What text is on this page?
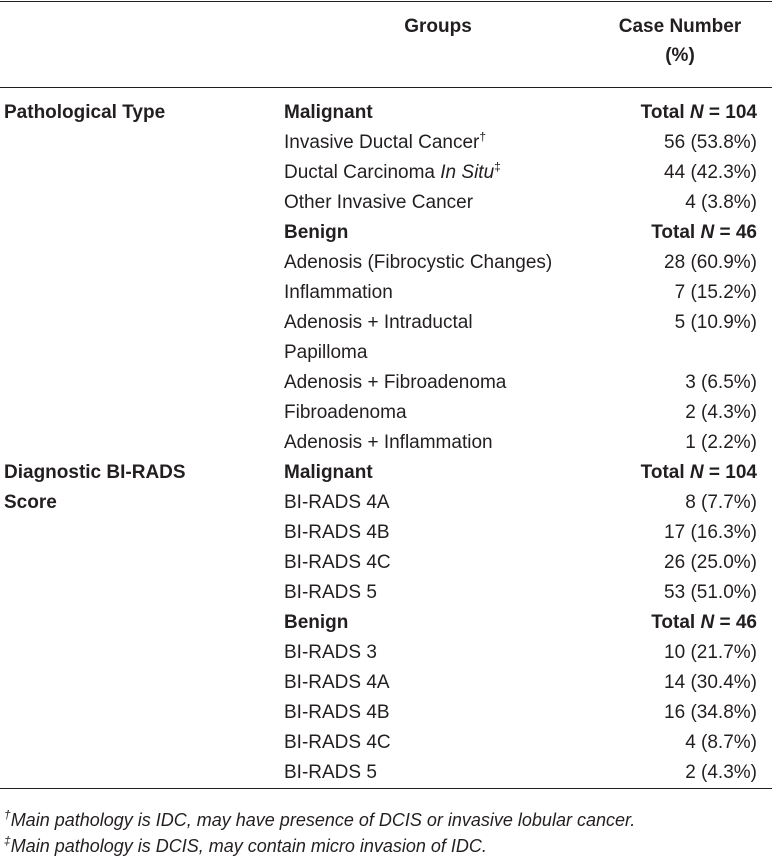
Groups	Case Number
(%)
Pathological Type	Malignant	Total N = 104
Invasive Ductal Cancer†	56 (53.8%)
Ductal Carcinoma In Situ‡	44 (42.3%)
Other Invasive Cancer	4 (3.8%)
Benign	Total N = 46
Adenosis (Fibrocystic Changes)	28 (60.9%)
Inflammation	7 (15.2%)
Adenosis + Intraductal	5 (10.9%)
Papilloma
Adenosis + Fibroadenoma	3 (6.5%)
Fibroadenoma	2 (4.3%)
Adenosis + Inflammation	1 (2.2%)
Diagnostic BI-RADS
Score
Malignant	Total N = 104
BI-RADS 4A	8 (7.7%)
BI-RADS 4B	17 (16.3%)
BI-RADS 4C	26 (25.0%)
BI-RADS 5	53 (51.0%)
Benign	Total N = 46
BI-RADS 3	10 (21.7%)
BI-RADS 4A	14 (30.4%)
BI-RADS 4B	16 (34.8%)
BI-RADS 4C	4 (8.7%)
BI-RADS 5	2 (4.3%)
†Main pathology is IDC, may have presence of DCIS or invasive lobular cancer.
‡Main pathology is DCIS, may contain micro invasion of IDC.
